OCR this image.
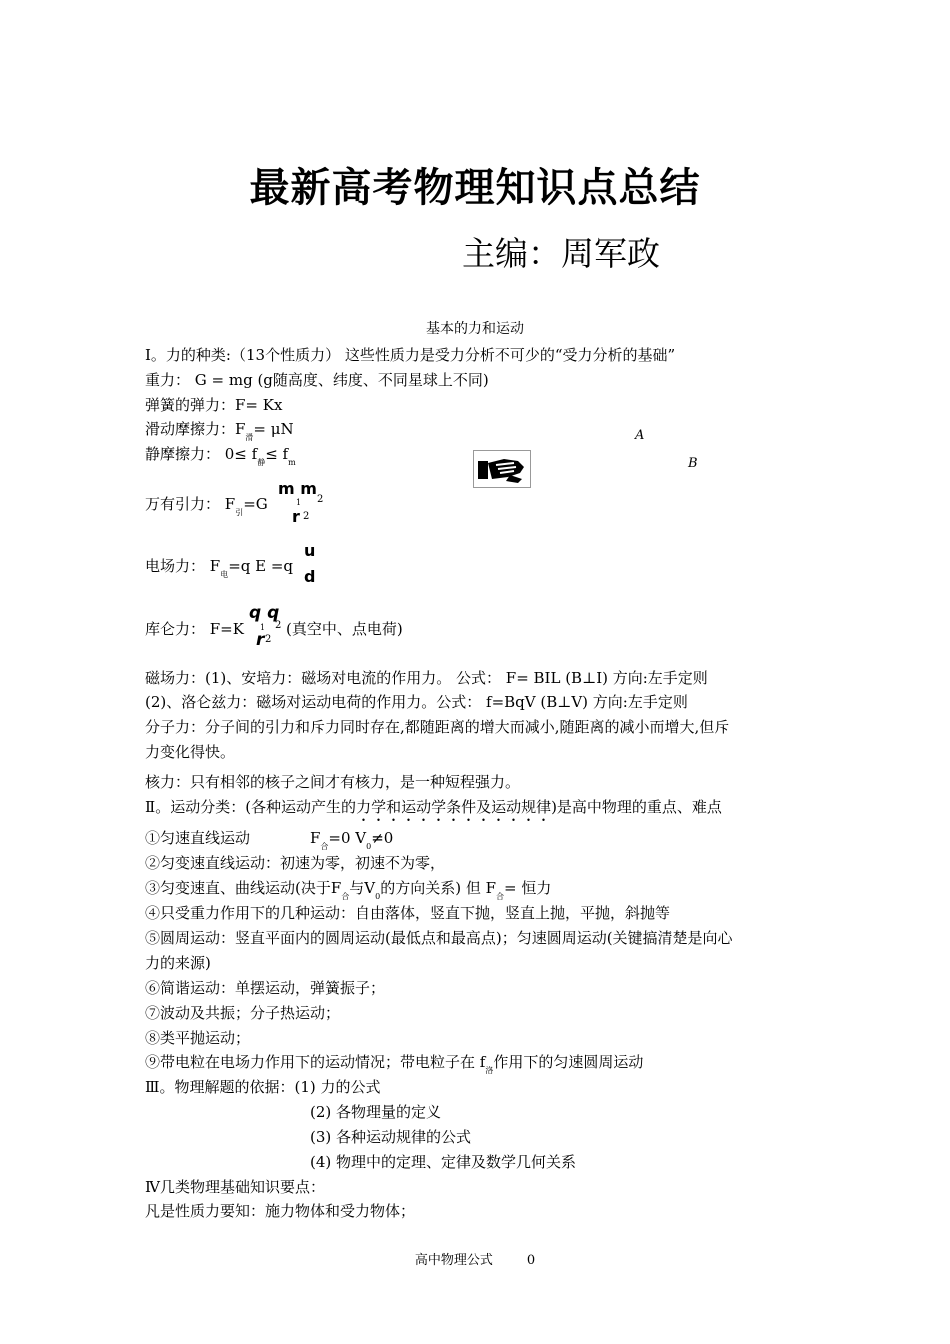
最新高考物理知识点总结
主编：周军政
基本的力和运动
Ⅰ。力的种类:（13个性质力） 这些性质力是受力分析不可少的“受力分析的基础”
重力： G = mg (g随高度、纬度、不同星球上不同)
弹簧的弹力：F= Kx
滑动摩擦力：$F_滑= \mu N$
静摩擦力： $0\le f_静\le f_m$
A
B
万有引力： $F_引=G$
m m
1 2
r 2
电场力： $F_电=q$ E =q
u
d
库仑力： F=K
q q
1 2
r 2
(真空中、点电荷)
磁场力：(1)、安培力：磁场对电流的作用力。 公式： F= BIL (B⊥I) 方向:左手定则
(2)、洛仑兹力：磁场对运动电荷的作用力。公式： f=BqV (B⊥V) 方向:左手定则
分子力：分子间的引力和斥力同时存在,都随距离的增大而减小,随距离的减小而增大,但斥
力变化得快。
核力：只有相邻的核子之间才有核力，是一种短程强力。
Ⅱ。运动分类：(各种运动产生的力学和运动学条件及运动规律)是高中物理的重点、难点
①匀速直线运动	$F_合=0$ $V_0\ne 0$
②匀变速直线运动：初速为零，初速不为零，
③匀变速直、曲线运动(决于$F_合$与$V_0$的方向关系) 但 $F_合=$ 恒力
④只受重力作用下的几种运动：自由落体，竖直下抛，竖直上抛，平抛，斜抛等
⑤圆周运动：竖直平面内的圆周运动(最低点和最高点)；匀速圆周运动(关键搞清楚是向心
力的来源)
⑥简谐运动：单摆运动，弹簧振子；
⑦波动及共振；分子热运动；
⑧类平抛运动；
⑨带电粒在电场力作用下的运动情况；带电粒子在 $f_洛$作用下的匀速圆周运动
Ⅲ。物理解题的依据：(1) 力的公式
(2) 各物理量的定义
(3) 各种运动规律的公式
(4) 物理中的定理、定律及数学几何关系
Ⅳ几类物理基础知识要点：
凡是性质力要知：施力物体和受力物体；
高中物理公式	0
